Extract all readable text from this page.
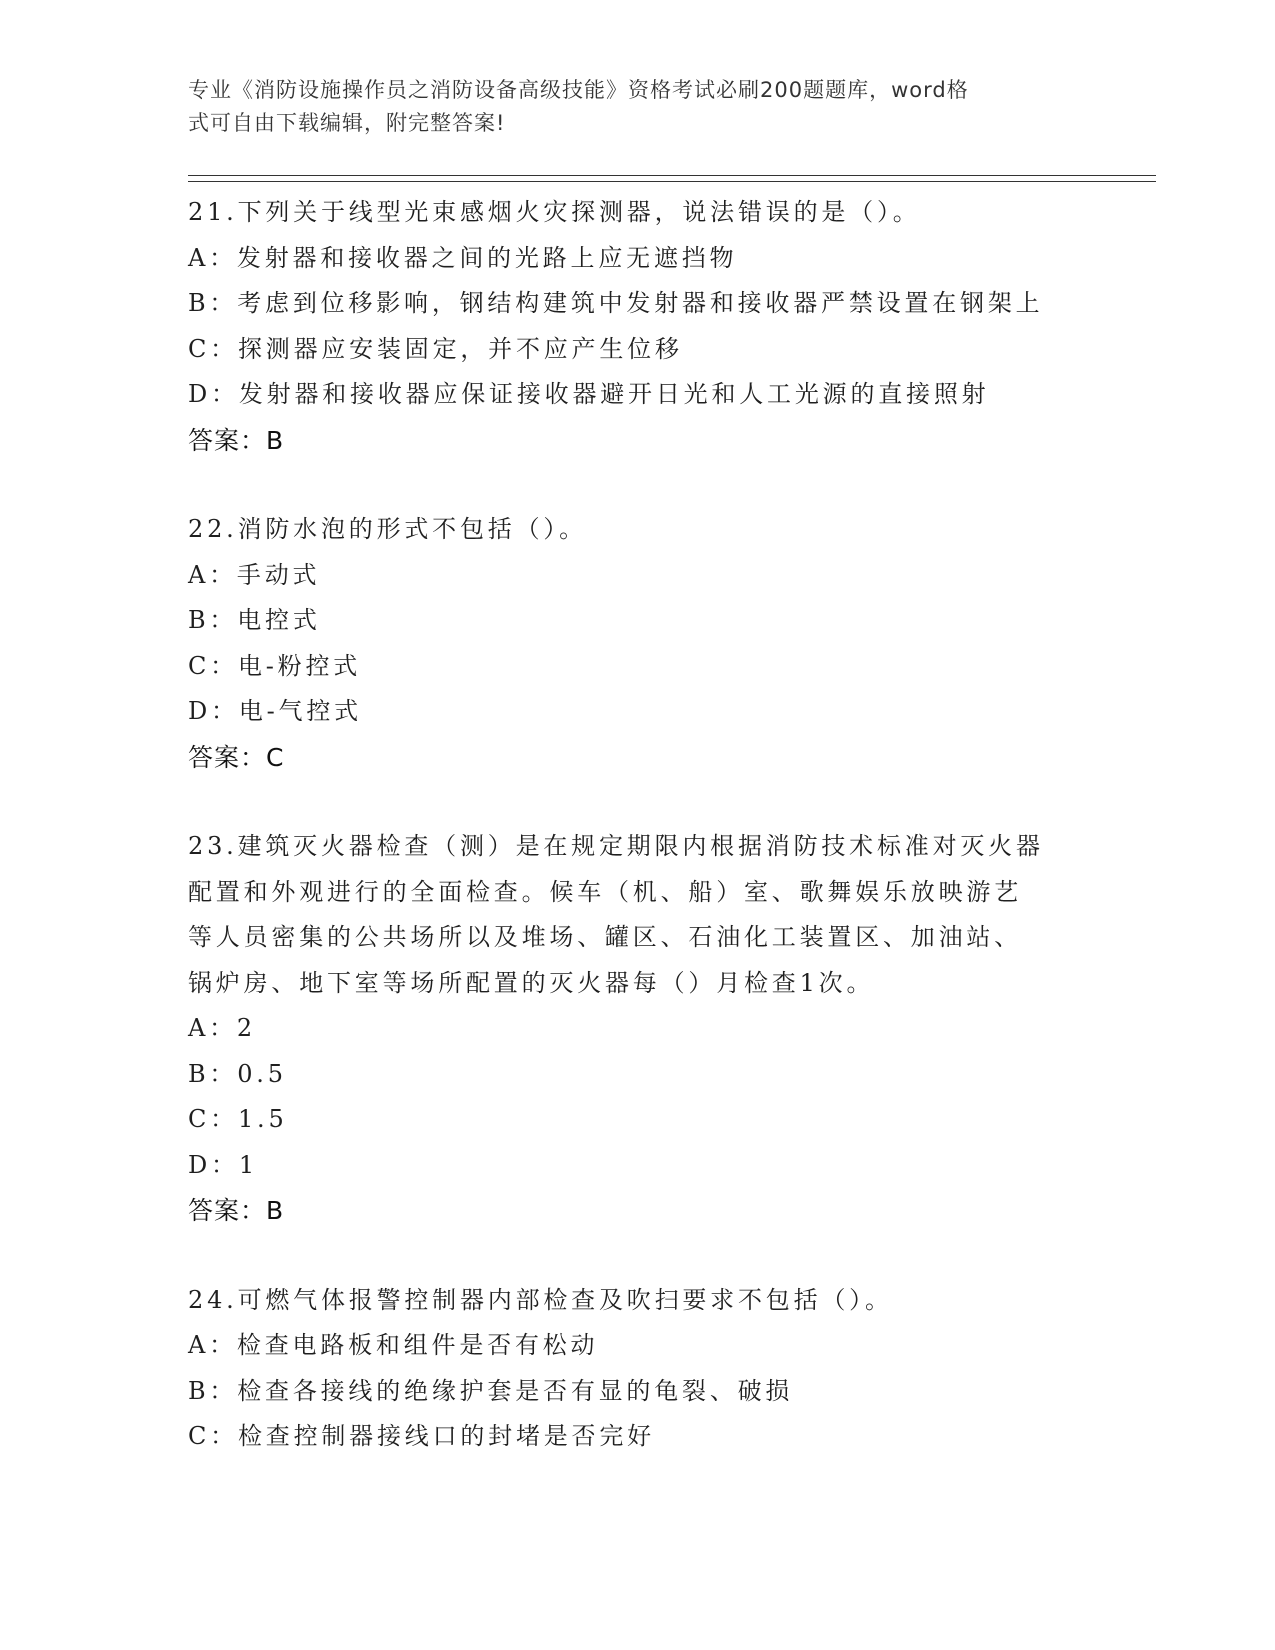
专业《消防设施操作员之消防设备高级技能》资格考试必刷200题题库，word格
式可自由下载编辑，附完整答案!
21.下列关于线型光束感烟火灾探测器，说法错误的是（）。
A：发射器和接收器之间的光路上应无遮挡物
B：考虑到位移影响，钢结构建筑中发射器和接收器严禁设置在钢架上
C：探测器应安装固定，并不应产生位移
D：发射器和接收器应保证接收器避开日光和人工光源的直接照射
答案：B
22.消防水泡的形式不包括（）。
A：手动式
B：电控式
C：电-粉控式
D：电-气控式
答案：C
23.建筑灭火器检查（测）是在规定期限内根据消防技术标准对灭火器
配置和外观进行的全面检查。候车（机、船）室、歌舞娱乐放映游艺
等人员密集的公共场所以及堆场、罐区、石油化工装置区、加油站、
锅炉房、地下室等场所配置的灭火器每（）月检查1次。
A：2
B：0.5
C：1.5
D：1
答案：B
24.可燃气体报警控制器内部检查及吹扫要求不包括（）。
A：检查电路板和组件是否有松动
B：检查各接线的绝缘护套是否有显的龟裂、破损
C：检查控制器接线口的封堵是否完好
